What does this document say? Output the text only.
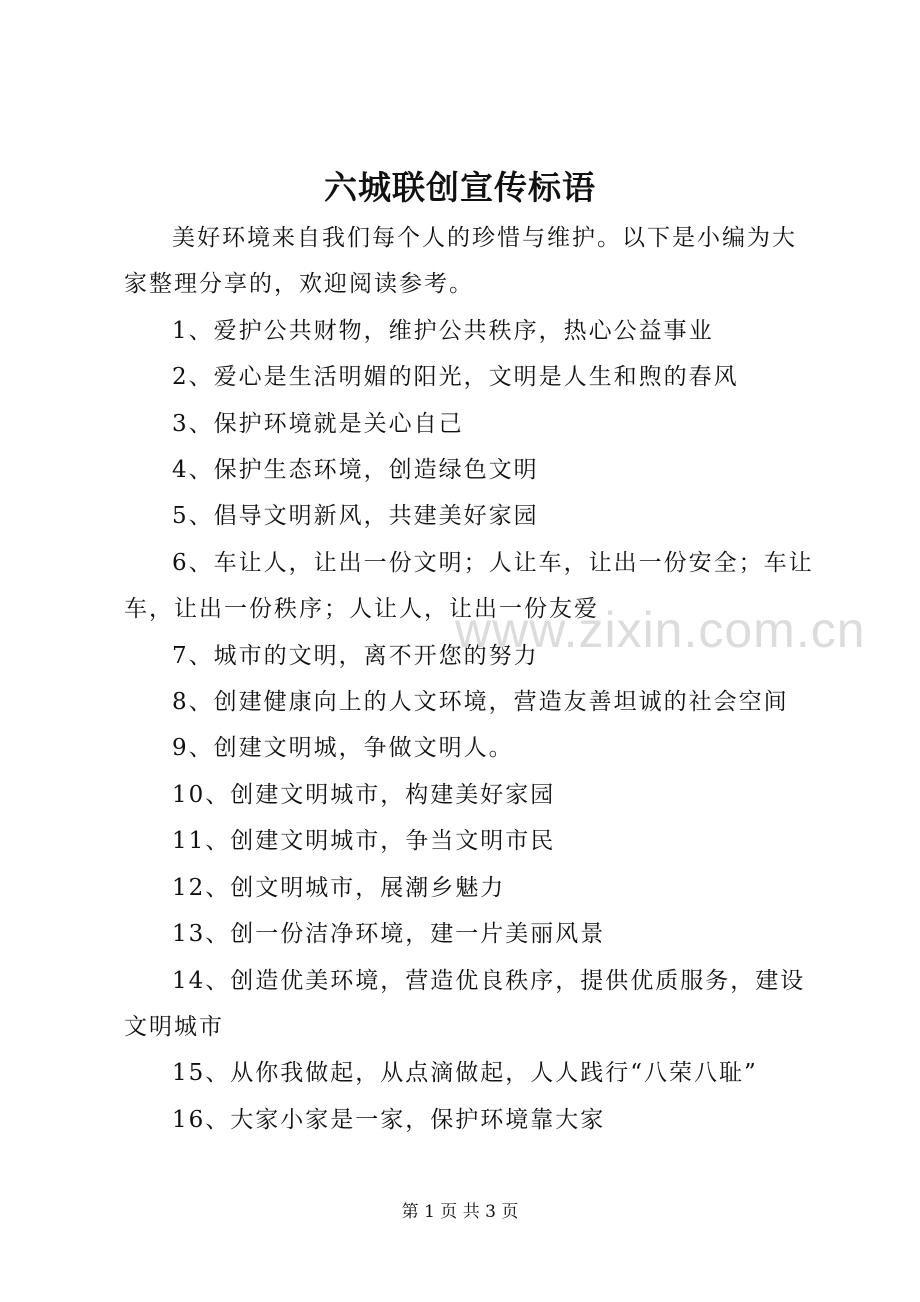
六城联创宣传标语

美好环境来自我们每个人的珍惜与维护。以下是小编为大家整理分享的，欢迎阅读参考。

1、爱护公共财物，维护公共秩序，热心公益事业

2、爱心是生活明媚的阳光，文明是人生和煦的春风

3、保护环境就是关心自己

4、保护生态环境，创造绿色文明

5、倡导文明新风，共建美好家园

6、车让人，让出一份文明；人让车，让出一份安全；车让车，让出一份秩序；人让人，让出一份友爱

7、城市的文明，离不开您的努力

8、创建健康向上的人文环境，营造友善坦诚的社会空间

9、创建文明城，争做文明人。

10、创建文明城市，构建美好家园

11、创建文明城市，争当文明市民

12、创文明城市，展潮乡魅力

13、创一份洁净环境，建一片美丽风景

14、创造优美环境，营造优良秩序，提供优质服务，建设文明城市

15、从你我做起，从点滴做起，人人践行“八荣八耻”

16、大家小家是一家，保护环境靠大家

www.zixin.com.cn
第 1 页 共 3 页
